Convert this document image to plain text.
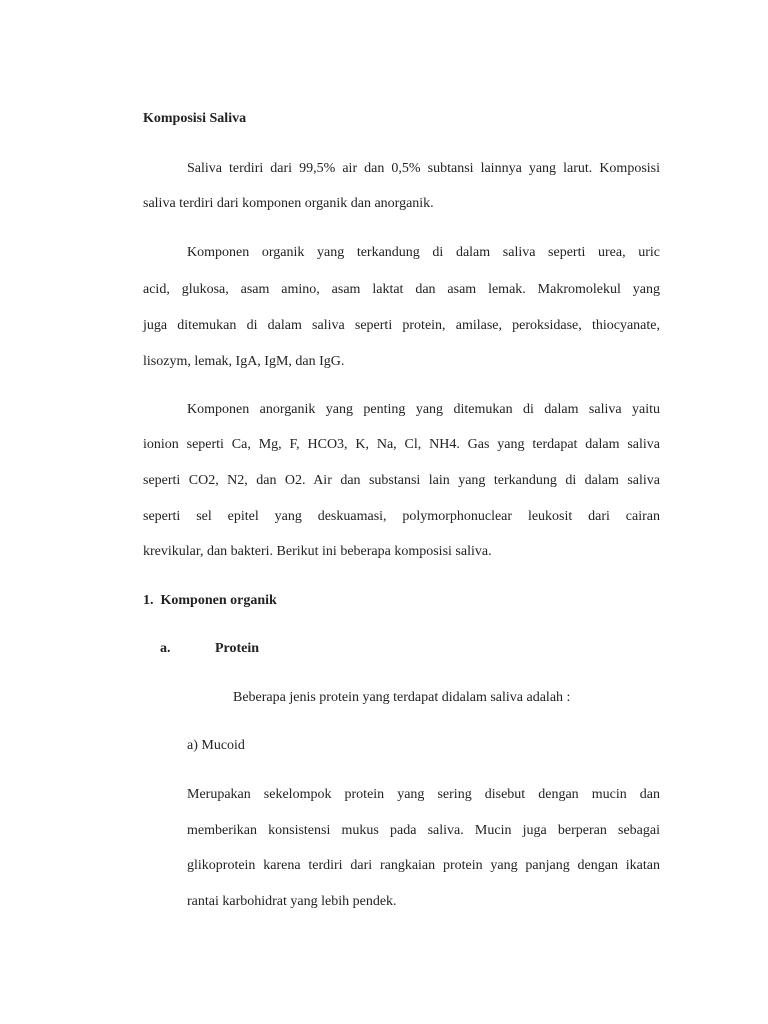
Komposisi Saliva
Saliva terdiri dari 99,5% air dan 0,5% subtansi lainnya yang larut. Komposisi
saliva terdiri dari komponen organik dan anorganik.
Komponen organik yang terkandung di dalam saliva seperti urea, uric
acid, glukosa, asam amino, asam laktat dan asam lemak. Makromolekul yang
juga ditemukan di dalam saliva seperti protein, amilase, peroksidase, thiocyanate,
lisozym, lemak, IgA, IgM, dan IgG.
Komponen anorganik yang penting yang ditemukan di dalam saliva yaitu
ionion seperti Ca, Mg, F, HCO3, K, Na, Cl, NH4. Gas yang terdapat dalam saliva
seperti CO2, N2, dan O2. Air dan substansi lain yang terkandung di dalam saliva
seperti sel epitel yang deskuamasi, polymorphonuclear leukosit dari cairan
krevikular, dan bakteri. Berikut ini beberapa komposisi saliva.
1. Komponen organik
a.	Protein
Beberapa jenis protein yang terdapat didalam saliva adalah :
a) Mucoid
Merupakan sekelompok protein yang sering disebut dengan mucin dan
memberikan konsistensi mukus pada saliva. Mucin juga berperan sebagai
glikoprotein karena terdiri dari rangkaian protein yang panjang dengan ikatan
rantai karbohidrat yang lebih pendek.
